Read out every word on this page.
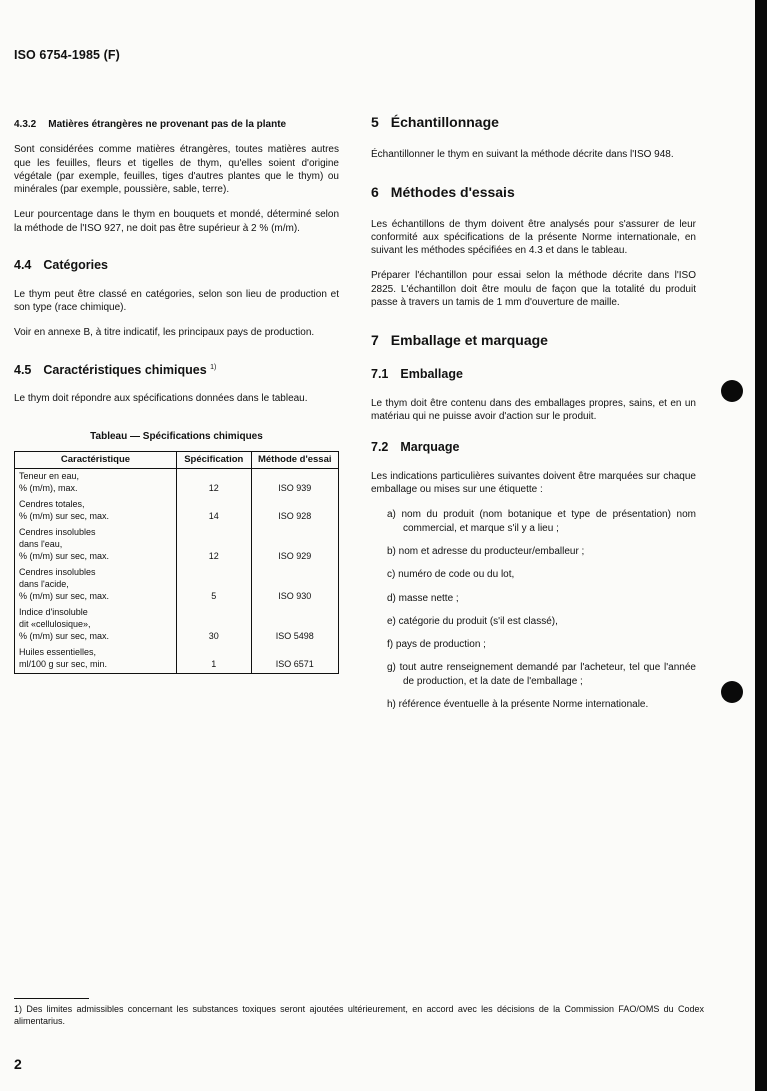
ISO 6754-1985 (F)
4.3.2 Matières étrangères ne provenant pas de la plante

Sont considérées comme matières étrangères, toutes matières autres que les feuilles, fleurs et tigelles de thym, qu'elles soient d'origine végétale (par exemple, feuilles, tiges d'autres plantes que le thym) ou minérales (par exemple, poussière, sable, terre).

Leur pourcentage dans le thym en bouquets et mondé, déterminé selon la méthode de l'ISO 927, ne doit pas être supérieur à 2 % (m/m).

4.4 Catégories

Le thym peut être classé en catégories, selon son lieu de production et son type (race chimique).

Voir en annexe B, à titre indicatif, les principaux pays de production.

4.5 Caractéristiques chimiques $^{1)}$

Le thym doit répondre aux spécifications données dans le tableau.

Tableau — Spécifications chimiques
Caractéristique	Spécification	Méthode d'essai
Teneur en eau,
% (m/m), max.	12	ISO 939
Cendres totales,
% (m/m) sur sec, max.	14	ISO 928
Cendres insolubles
dans l'eau,
% (m/m) sur sec, max.	12	ISO 929
Cendres insolubles
dans l'acide,
% (m/m) sur sec, max.	5	ISO 930
Indice d'insoluble
dit «cellulosique»,
% (m/m) sur sec, max.	30	ISO 5498
Huiles essentielles,
ml/100 g sur sec, min.	1	ISO 6571
5 Échantillonnage

Échantillonner le thym en suivant la méthode décrite dans l'ISO 948.

6 Méthodes d'essais

Les échantillons de thym doivent être analysés pour s'assurer de leur conformité aux spécifications de la présente Norme internationale, en suivant les méthodes spécifiées en 4.3 et dans le tableau.

Préparer l'échantillon pour essai selon la méthode décrite dans l'ISO 2825. L'échantillon doit être moulu de façon que la totalité du produit passe à travers un tamis de 1 mm d'ouverture de maille.

7 Emballage et marquage
7.1 Emballage

Le thym doit être contenu dans des emballages propres, sains, et en un matériau qui ne puisse avoir d'action sur le produit.

7.2 Marquage

Les indications particulières suivantes doivent être marquées sur chaque emballage ou mises sur une étiquette :

a) nom du produit (nom botanique et type de présentation) nom commercial, et marque s'il y a lieu ;
b) nom et adresse du producteur/emballeur ;
c) numéro de code ou du lot,
d) masse nette ;
e) catégorie du produit (s'il est classé),
f) pays de production ;
g) tout autre renseignement demandé par l'acheteur, tel que l'année de production, et la date de l'emballage ;
h) référence éventuelle à la présente Norme internationale.
1) Des limites admissibles concernant les substances toxiques seront ajoutées ultérieurement, en accord avec les décisions de la Commission FAO/OMS du Codex alimentarius.
2
